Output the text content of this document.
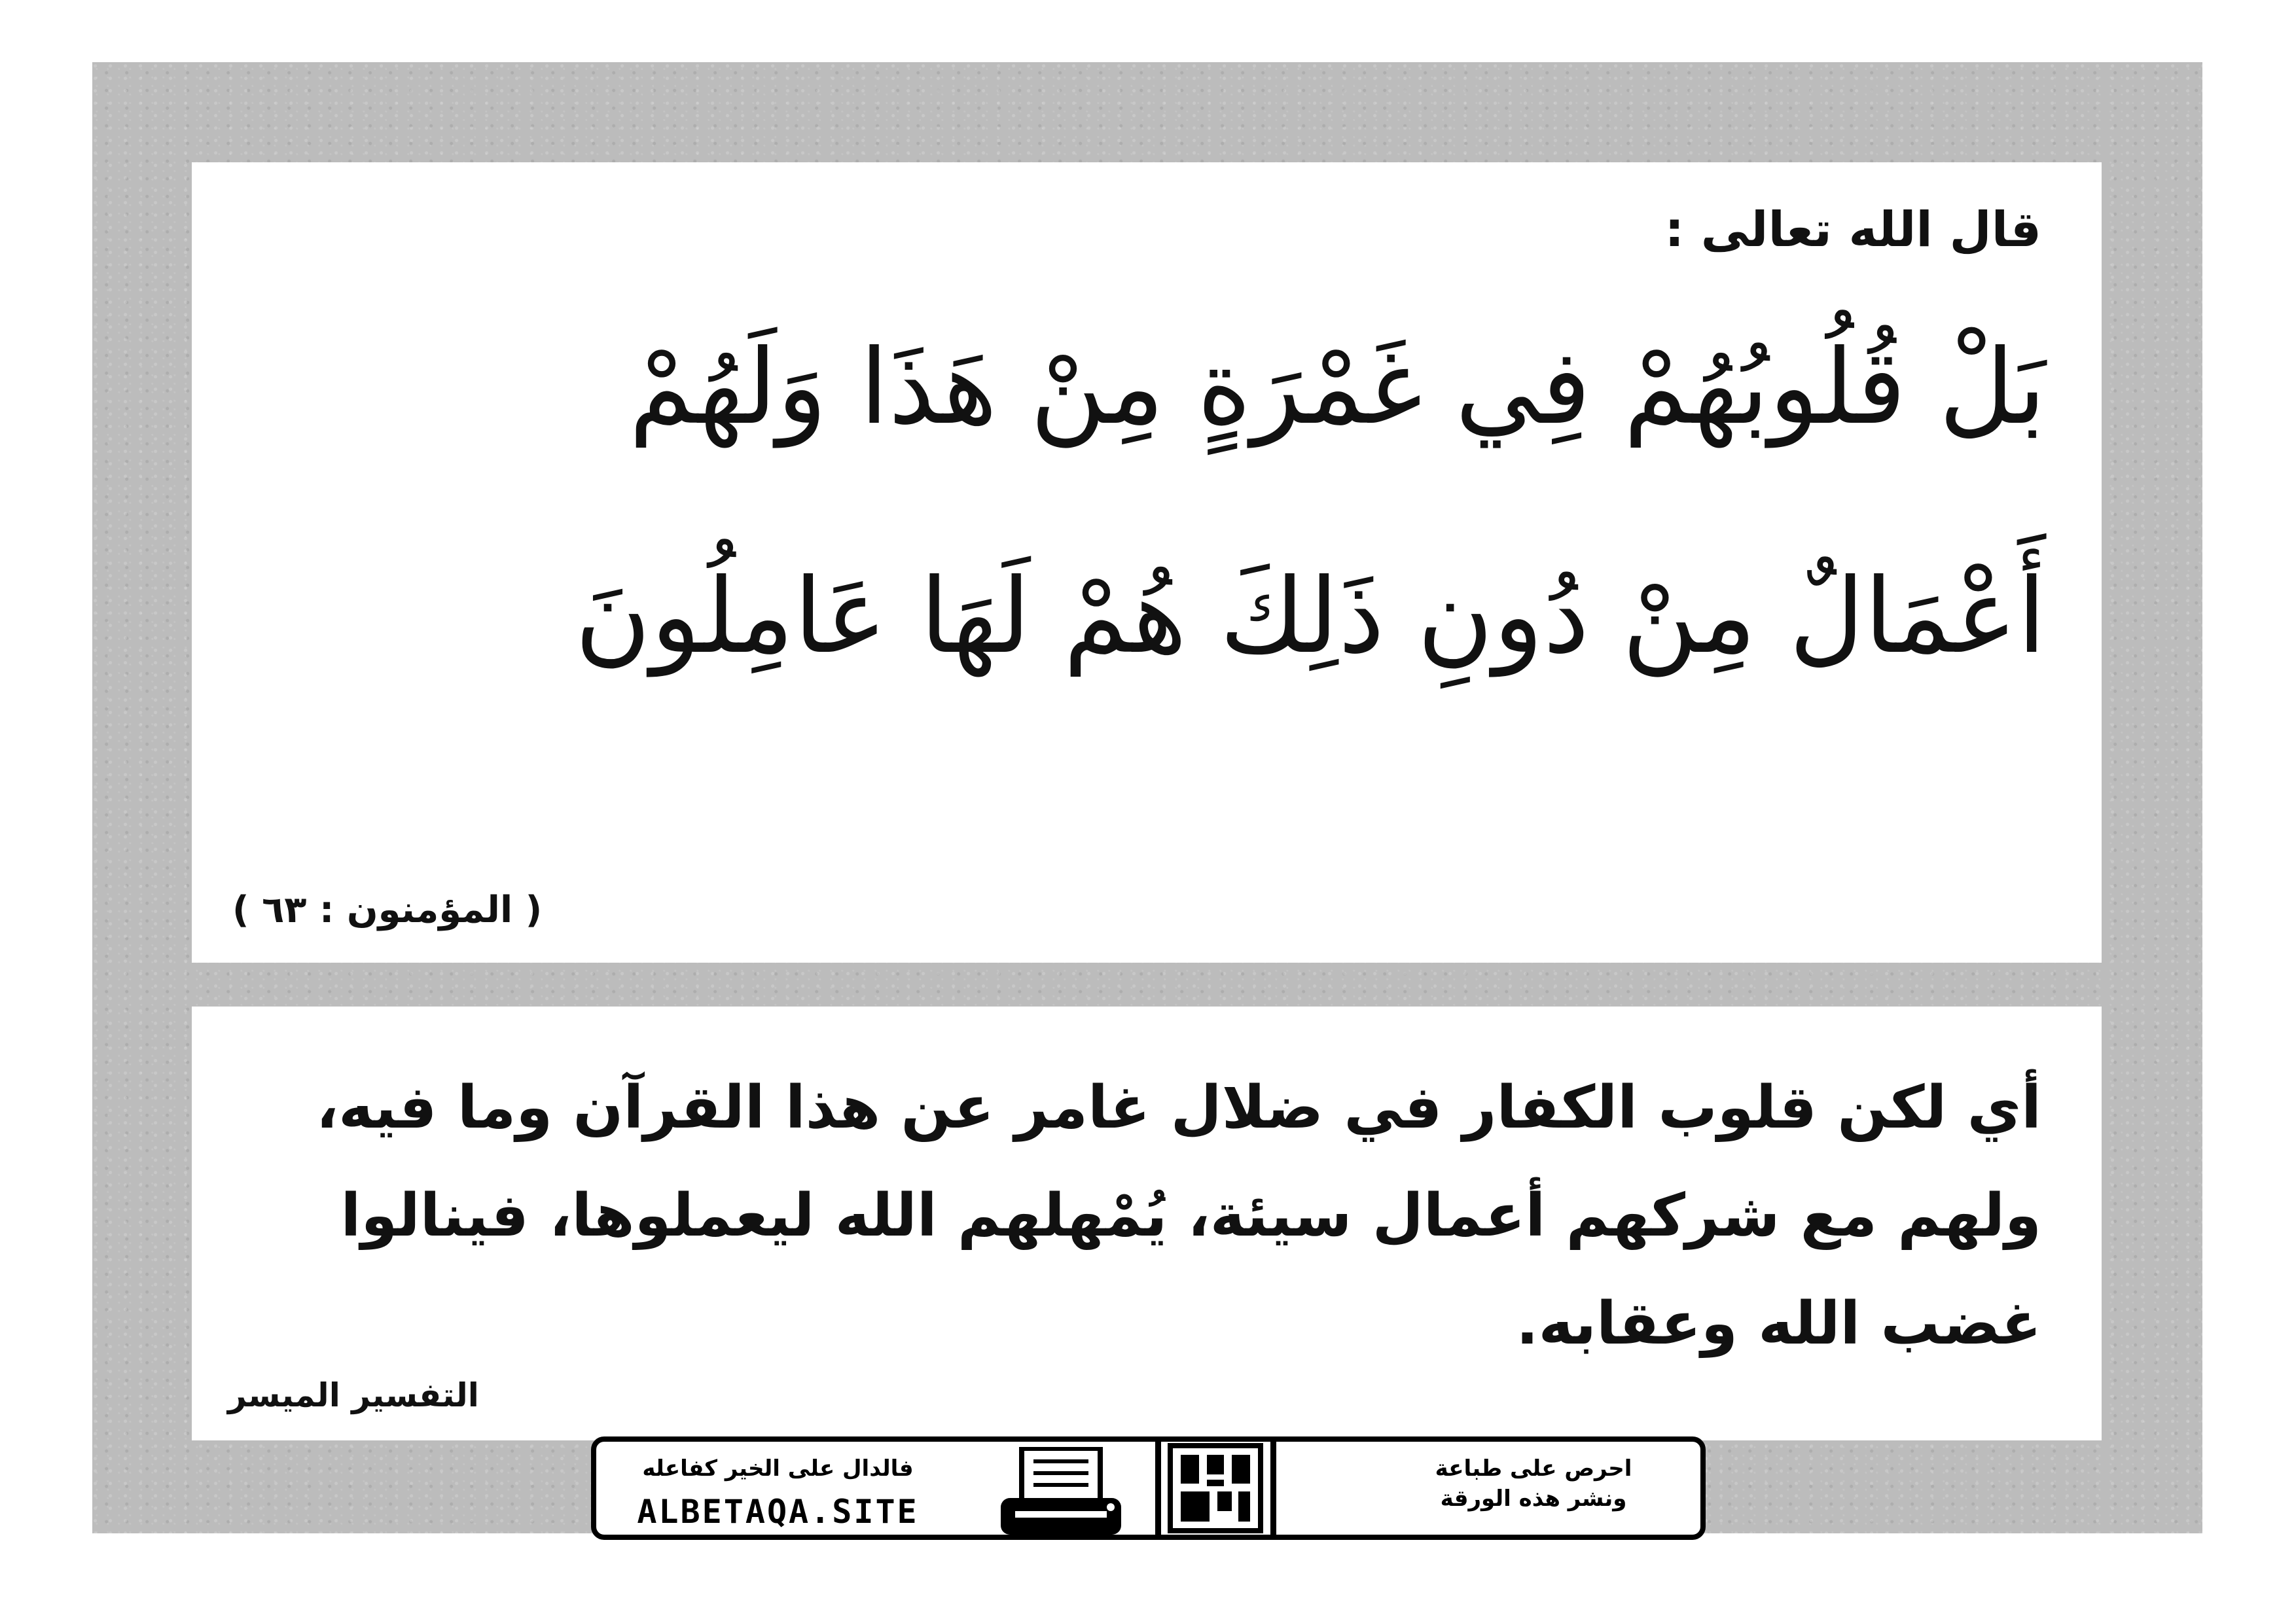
قال الله تعالى :

بَلْ قُلُوبُهُمْ فِي غَمْرَةٍ مِنْ هَذَا وَلَهُمْ

أَعْمَالٌ مِنْ دُونِ ذَلِكَ هُمْ لَهَا عَامِلُونَ

( المؤمنون : ٦٣ )

أي لكن قلوب الكفار في ضلال غامر عن هذا القرآن وما فيه،

ولهم مع شركهم أعمال سيئة، يُمْهلهم الله ليعملوها، فينالوا

غضب الله وعقابه.

التفسير الميسر

فالدال على الخير كفاعله
ALBETAQA.SITE
احرص على طباعة
ونشر هذه الورقة
